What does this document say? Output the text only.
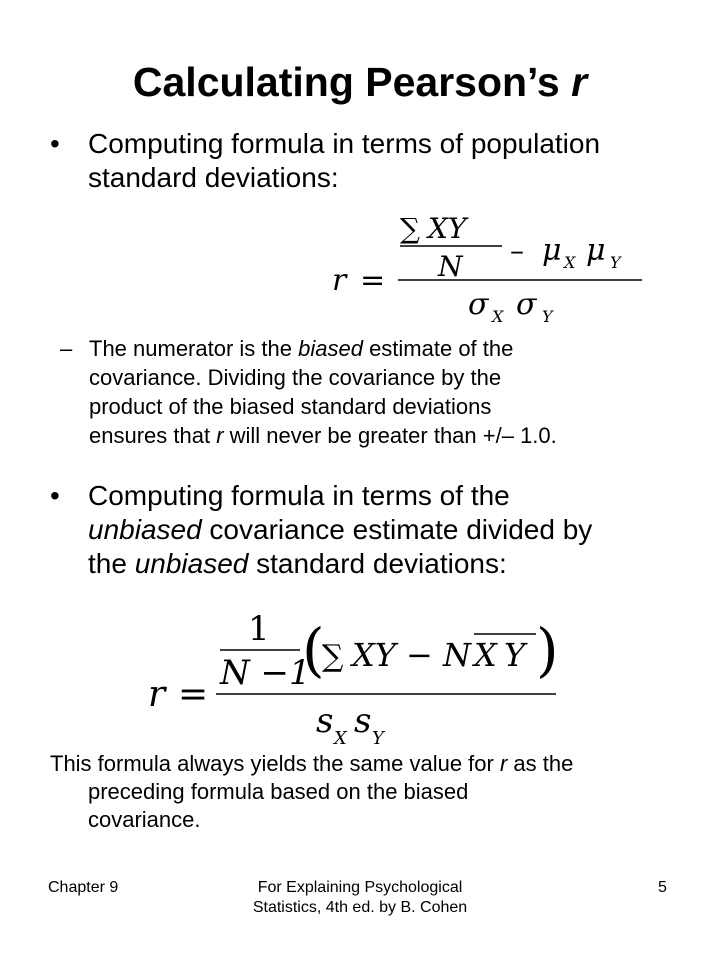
Calculating Pearson’s r
• Computing formula in terms of population
standard deviations:
r =
∑ XY
N – μ X μ Y
σ X σ Y
– The numerator is the biased estimate of the
covariance. Dividing the covariance by the
product of the biased standard deviations
ensures that r will never be greater than +/– 1.0.
• Computing formula in terms of the
unbiased covariance estimate divided by
the unbiased standard deviations:
r =
1
N −1
(
∑ XY − N X Y )
s X s Y
This formula always yields the same value for r as the
preceding formula based on the biased
covariance.
Chapter 9	For Explaining Psychological
Statistics, 4th ed. by B. Cohen
5
